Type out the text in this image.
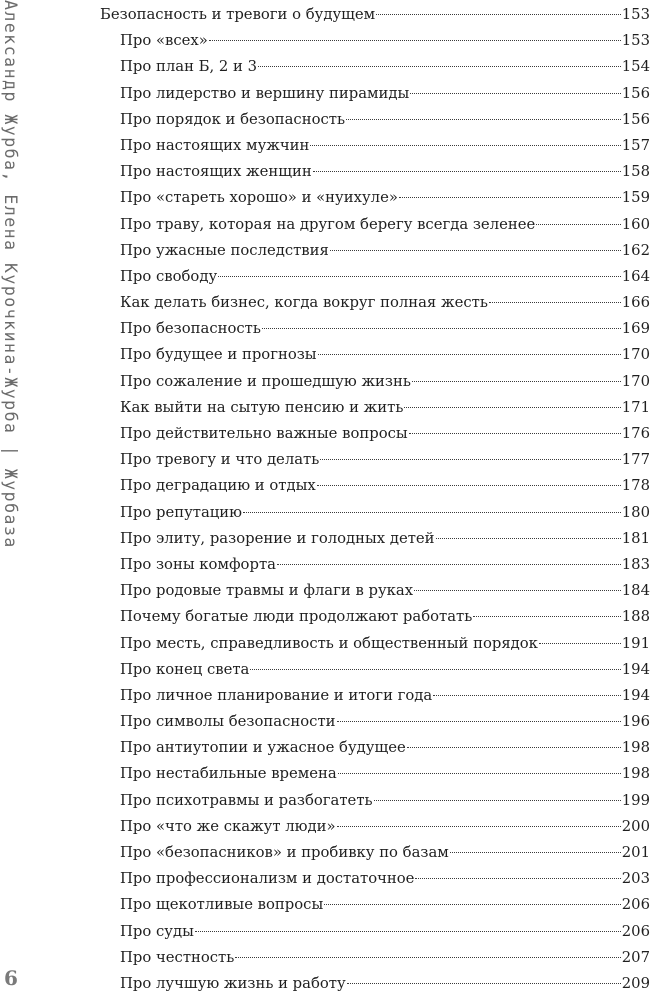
Александр Журба, Елена Курочкина-Журба | Журбаза
6
Безопасность и тревоги о будущем	153
Про «всех»	153
Про план Б, 2 и 3	154
Про лидерство и вершину пирамиды	156
Про порядок и безопасность	156
Про настоящих мужчин	157
Про настоящих женщин	158
Про «стареть хорошо» и «нуихуле»	159
Про траву, которая на другом берегу всегда зеленее	160
Про ужасные последствия	162
Про свободу	164
Как делать бизнес, когда вокруг полная жесть	166
Про безопасность	169
Про будущее и прогнозы	170
Про сожаление и прошедшую жизнь	170
Как выйти на сытую пенсию и жить	171
Про действительно важные вопросы	176
Про тревогу и что делать	177
Про деградацию и отдых	178
Про репутацию	180
Про элиту, разорение и голодных детей	181
Про зоны комфорта	183
Про родовые травмы и флаги в руках	184
Почему богатые люди продолжают работать	188
Про месть, справедливость и общественный порядок	191
Про конец света	194
Про личное планирование и итоги года	194
Про символы безопасности	196
Про антиутопии и ужасное будущее	198
Про нестабильные времена	198
Про психотравмы и разбогатеть	199
Про «что же скажут люди»	200
Про «безопасников» и пробивку по базам	201
Про профессионализм и достаточное	203
Про щекотливые вопросы	206
Про суды	206
Про честность	207
Про лучшую жизнь и работу	209
